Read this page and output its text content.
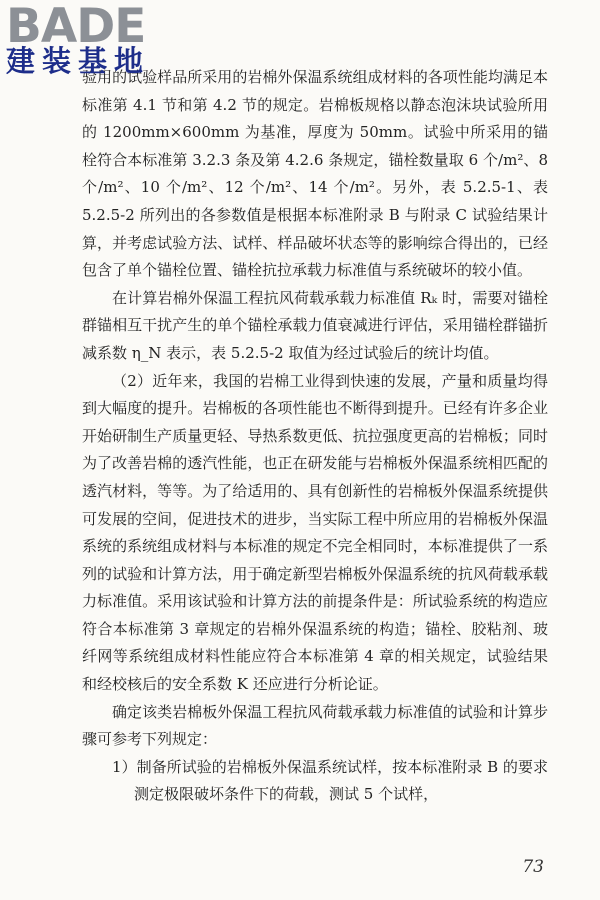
BADE
建装基地

验用的试验样品所采用的岩棉外保温系统组成材料的各项性能均满足本标准第 4.1 节和第 4.2 节的规定。岩棉板规格以静态泡沫块试验所用的 1200mm×600mm 为基准，厚度为 50mm。试验中所采用的锚栓符合本标准第 3.2.3 条及第 4.2.6 条规定，锚栓数量取 6 个/m²、8 个/m²、10 个/m²、12 个/m²、14 个/m²。另外，表 5.2.5-1、表 5.2.5-2 所列出的各参数值是根据本标准附录 B 与附录 C 试验结果计算，并考虑试验方法、试样、样品破坏状态等的影响综合得出的，已经包含了单个锚栓位置、锚栓抗拉承载力标准值与系统破坏的较小值。

在计算岩棉外保温工程抗风荷载承载力标准值 Rₖ 时，需要对锚栓群锚相互干扰产生的单个锚栓承载力值衰减进行评估，采用锚栓群锚折减系数 η_N 表示，表 5.2.5-2 取值为经过试验后的统计均值。

（2）近年来，我国的岩棉工业得到快速的发展，产量和质量均得到大幅度的提升。岩棉板的各项性能也不断得到提升。已经有许多企业开始研制生产质量更轻、导热系数更低、抗拉强度更高的岩棉板；同时为了改善岩棉的透汽性能，也正在研发能与岩棉板外保温系统相匹配的透汽材料，等等。为了给适用的、具有创新性的岩棉板外保温系统提供可发展的空间，促进技术的进步，当实际工程中所应用的岩棉板外保温系统的系统组成材料与本标准的规定不完全相同时，本标准提供了一系列的试验和计算方法，用于确定新型岩棉板外保温系统的抗风荷载承载力标准值。采用该试验和计算方法的前提条件是：所试验系统的构造应符合本标准第 3 章规定的岩棉外保温系统的构造；锚栓、胶粘剂、玻纤网等系统组成材料性能应符合本标准第 4 章的相关规定，试验结果和经校核后的安全系数 K 还应进行分析论证。

确定该类岩棉板外保温工程抗风荷载承载力标准值的试验和计算步骤可参考下列规定：

1）制备所试验的岩棉板外保温系统试样，按本标准附录 B 的要求测定极限破坏条件下的荷载，测试 5 个试样，

73
